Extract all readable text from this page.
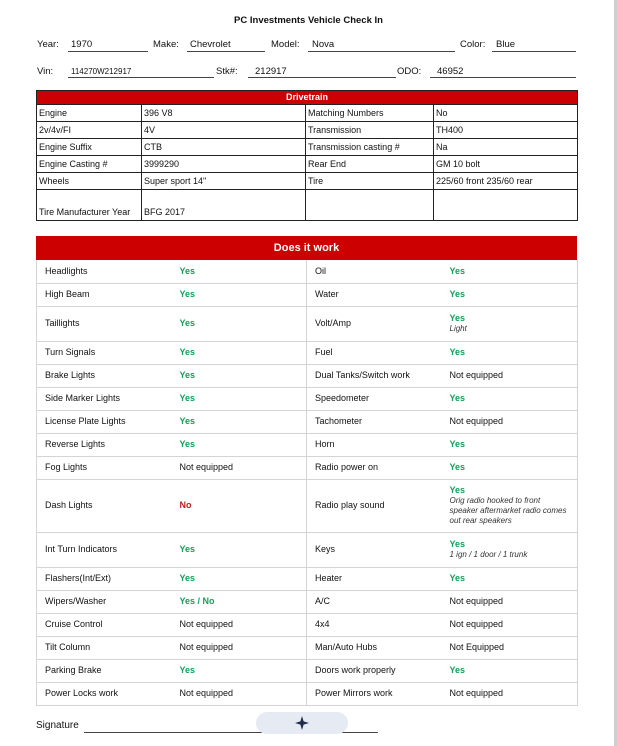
PC Investments Vehicle Check In
Year: 1970	Make: Chevrolet	Model: Nova	Color: Blue
Vin: 114270W212917	Stk#: 212917	ODO: 46952
Drivetrain			
Engine	396 V8	Matching Numbers	No
2v/4v/FI	4V	Transmission	TH400
Engine Suffix	CTB	Transmission casting #	Na
Engine Casting #	3999290	Rear End	GM 10 bolt
Wheels	Super sport 14"	Tire	225/60 front 235/60 rear
Tire Manufacturer Year	BFG 2017		
Does it work
Headlights	Yes	Oil	Yes
High Beam	Yes	Water	Yes
Taillights	Yes	Volt/Amp	Yes
Light

Turn Signals	Yes	Fuel	Yes
Brake Lights	Yes	Dual Tanks/Switch work	Not equipped
Side Marker Lights	Yes	Speedometer	Yes
License Plate Lights	Yes	Tachometer	Not equipped
Reverse Lights	Yes	Horn	Yes
Fog Lights	Not equipped	Radio power on	Yes
Dash Lights	No	Radio play sound	Yes
Orig radio hooked to front speaker aftermarket radio comes out rear speakers

Int Turn Indicators	Yes	Keys	Yes
1 ign / 1 door / 1 trunk

Flashers(Int/Ext)	Yes	Heater	Yes
Wipers/Washer	Yes / No	A/C	Not equipped
Cruise Control	Not equipped	4x4	Not equipped
Tilt Column	Not equipped	Man/Auto Hubs	Not Equipped
Parking Brake	Yes	Doors work properly	Yes
Power Locks work	Not equipped	Power Mirrors work	Not equipped
Signature
